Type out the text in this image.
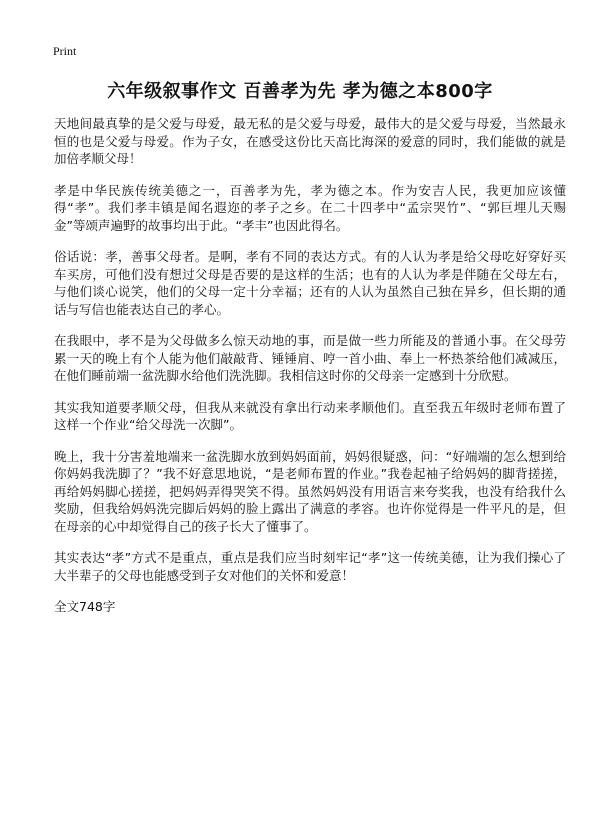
Print
六年级叙事作文 百善孝为先 孝为德之本800字

天地间最真挚的是父爱与母爱，最无私的是父爱与母爱，最伟大的是父爱与母爱，当然最永恒的也是父爱与母爱。作为子女，在感受这份比天高比海深的爱意的同时，我们能做的就是加倍孝顺父母！

孝是中华民族传统美德之一，百善孝为先，孝为德之本。作为安吉人民，我更加应该懂得“孝”。我们孝丰镇是闻名遐迩的孝子之乡。在二十四孝中“孟宗哭竹”、“郭巨埋儿天赐金”等颂声遍野的故事均出于此。“孝丰”也因此得名。

俗话说：孝，善事父母者。是啊，孝有不同的表达方式。有的人认为孝是给父母吃好穿好买车买房，可他们没有想过父母是否要的是这样的生活；也有的人认为孝是伴随在父母左右，与他们谈心说笑，他们的父母一定十分幸福；还有的人认为虽然自己独在异乡，但长期的通话与写信也能表达自己的孝心。

在我眼中，孝不是为父母做多么惊天动地的事，而是做一些力所能及的普通小事。在父母劳累一天的晚上有个人能为他们敲敲背、锤锤肩、哼一首小曲、奉上一杯热茶给他们减减压，在他们睡前端一盆洗脚水给他们洗洗脚。我相信这时你的父母亲一定感到十分欣慰。

其实我知道要孝顺父母，但我从来就没有拿出行动来孝顺他们。直至我五年级时老师布置了这样一个作业“给父母洗一次脚”。

晚上，我十分害羞地端来一盆洗脚水放到妈妈面前，妈妈很疑惑，问：“好端端的怎么想到给你妈妈我洗脚了？”我不好意思地说，“是老师布置的作业。”我卷起袖子给妈妈的脚背搓搓，再给妈妈脚心搓搓，把妈妈弄得哭笑不得。虽然妈妈没有用语言来夸奖我，也没有给我什么奖励，但我给妈妈洗完脚后妈妈的脸上露出了满意的孝容。也许你觉得是一件平凡的是，但在母亲的心中却觉得自己的孩子长大了懂事了。

其实表达“孝”方式不是重点，重点是我们应当时刻牢记“孝”这一传统美德，让为我们操心了大半辈子的父母也能感受到子女对他们的关怀和爱意！

全文748字
